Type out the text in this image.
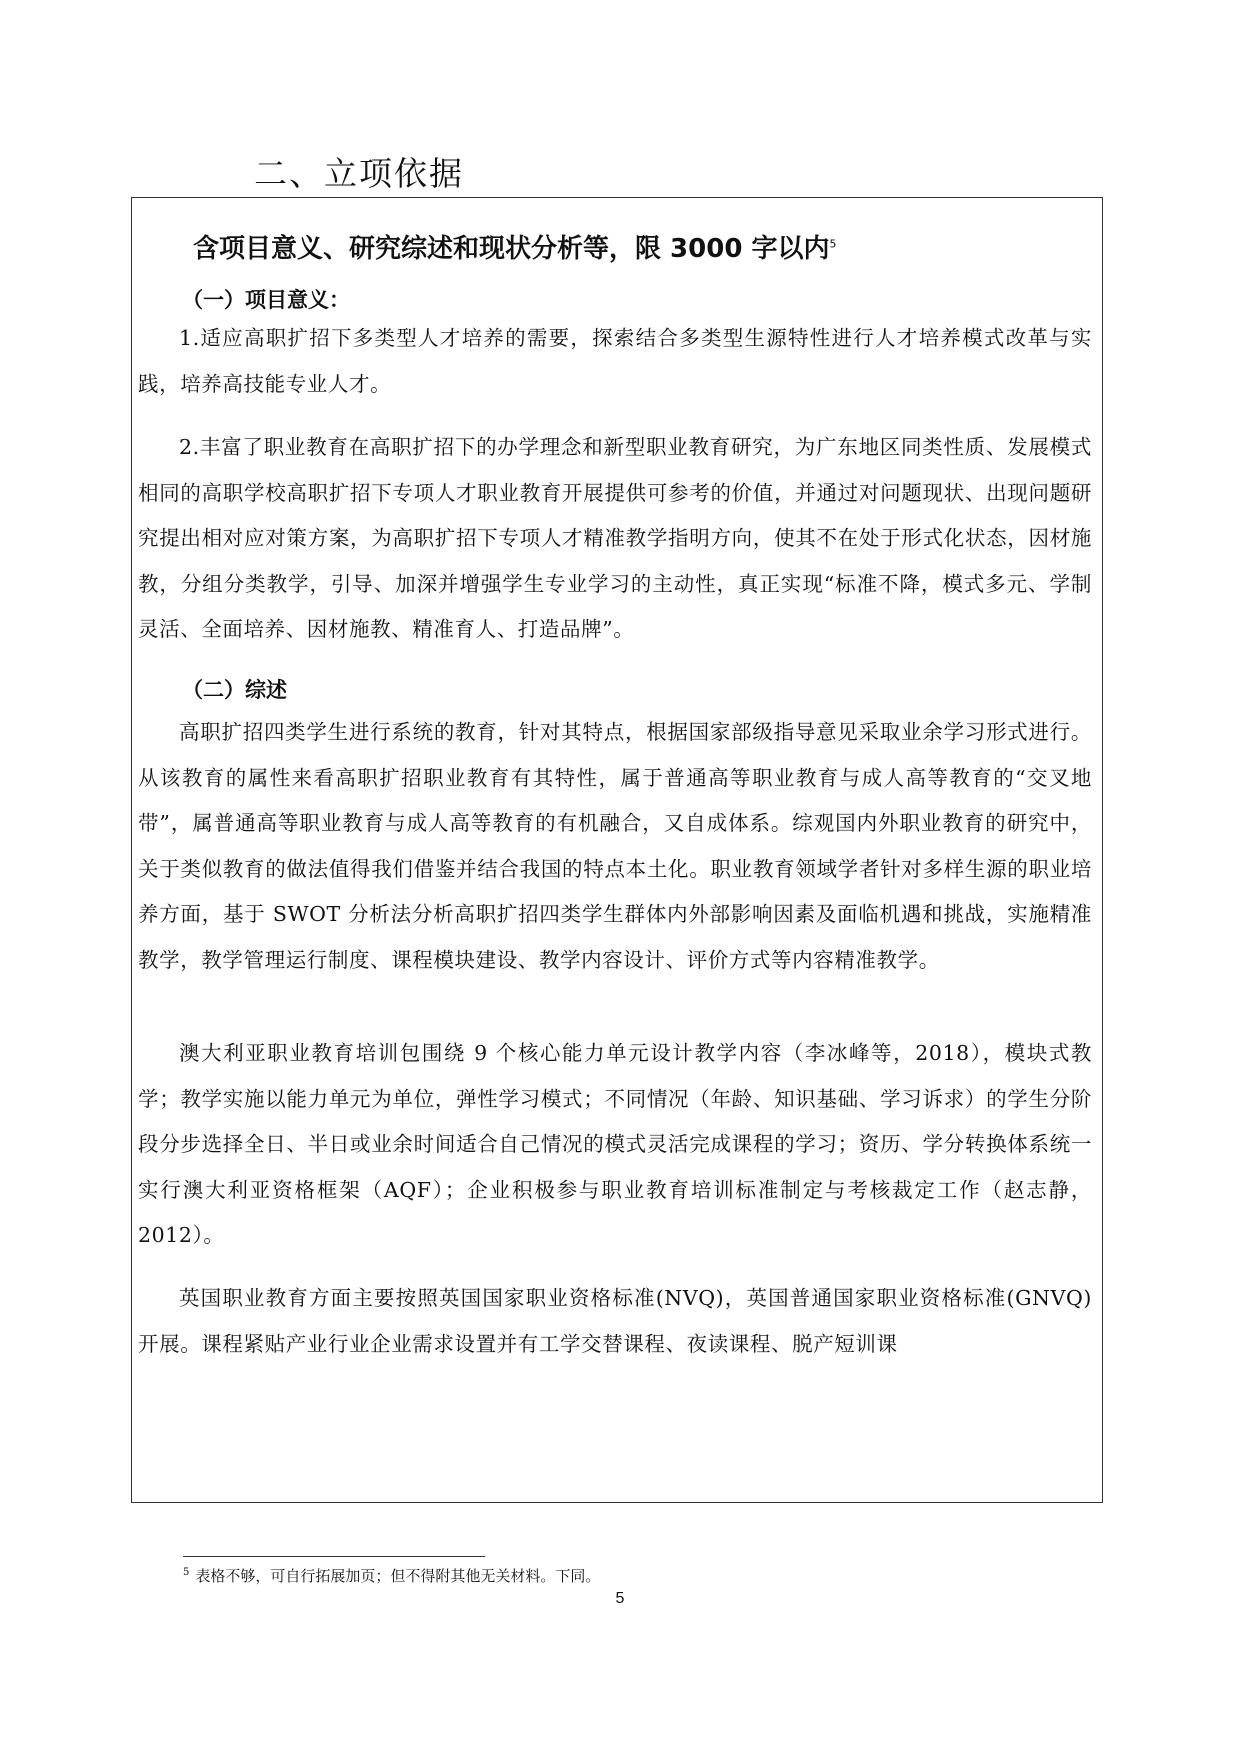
二、立项依据
含项目意义、研究综述和现状分析等，限 3000 字以内$^5$
（一）项目意义：
1.适应高职扩招下多类型人才培养的需要，探索结合多类型生源特性进行人才培养模式改革与实践，培养高技能专业人才。
2.丰富了职业教育在高职扩招下的办学理念和新型职业教育研究，为广东地区同类性质、发展模式相同的高职学校高职扩招下专项人才职业教育开展提供可参考的价值，并通过对问题现状、出现问题研究提出相对应对策方案，为高职扩招下专项人才精准教学指明方向，使其不在处于形式化状态，因材施教，分组分类教学，引导、加深并增强学生专业学习的主动性，真正实现“标准不降，模式多元、学制灵活、全面培养、因材施教、精准育人、打造品牌”。
（二）综述
高职扩招四类学生进行系统的教育，针对其特点，根据国家部级指导意见采取业余学习形式进行。从该教育的属性来看高职扩招职业教育有其特性，属于普通高等职业教育与成人高等教育的“交叉地带”，属普通高等职业教育与成人高等教育的有机融合，又自成体系。综观国内外职业教育的研究中，关于类似教育的做法值得我们借鉴并结合我国的特点本土化。职业教育领域学者针对多样生源的职业培养方面，基于 SWOT 分析法分析高职扩招四类学生群体内外部影响因素及面临机遇和挑战，实施精准教学，教学管理运行制度、课程模块建设、教学内容设计、评价方式等内容精准教学。
澳大利亚职业教育培训包围绕 9 个核心能力单元设计教学内容（李冰峰等，2018），模块式教学；教学实施以能力单元为单位，弹性学习模式；不同情况（年龄、知识基础、学习诉求）的学生分阶段分步选择全日、半日或业余时间适合自己情况的模式灵活完成课程的学习；资历、学分转换体系统一实行澳大利亚资格框架（AQF）；企业积极参与职业教育培训标准制定与考核裁定工作（赵志静，2012）。
英国职业教育方面主要按照英国国家职业资格标准(NVQ)，英国普通国家职业资格标准(GNVQ)开展。课程紧贴产业行业企业需求设置并有工学交替课程、夜读课程、脱产短训课
$^5$ 表格不够，可自行拓展加页；但不得附其他无关材料。下同。
5
